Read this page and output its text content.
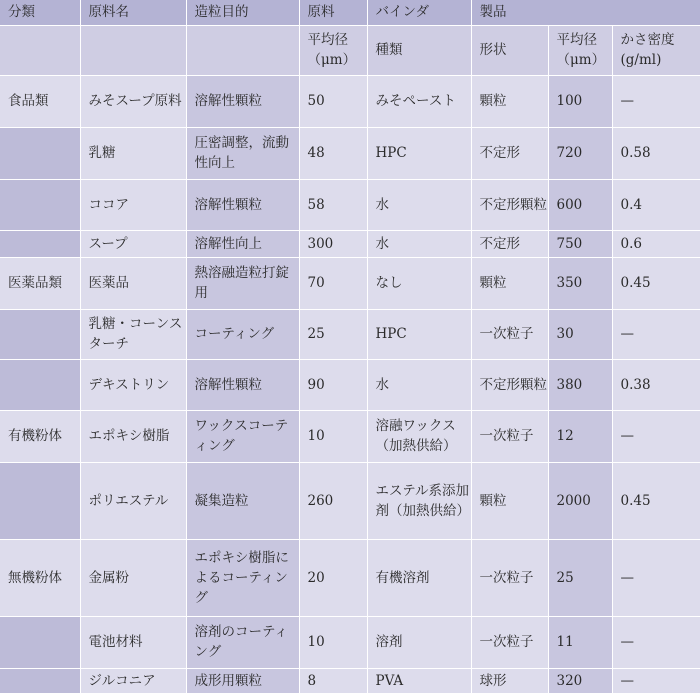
分類	原料名	造粒目的	原料	バインダ	製品		
			平均径（μm）	種類	形状	平均径（μm）	かさ密度(g/ml)
食品類	みそスープ原料	溶解性顆粒	50	みそペースト	顆粒	100	—
	乳糖	圧密調整，流動性向上	48	HPC	不定形	720	0.58
	ココア	溶解性顆粒	58	水	不定形顆粒	600	0.4
	スープ	溶解性向上	300	水	不定形	750	0.6
医薬品類	医薬品	熱溶融造粒打錠用	70	なし	顆粒	350	0.45
	乳糖・コーンスターチ	コーティング	25	HPC	一次粒子	30	—
	デキストリン	溶解性顆粒	90	水	不定形顆粒	380	0.38
有機粉体	エポキシ樹脂	ワックスコーティング	10	溶融ワックス（加熱供給）	一次粒子	12	—
	ポリエステル	凝集造粒	260	エステル系添加剤（加熱供給）	顆粒	2000	0.45
無機粉体	金属粉	エポキシ樹脂によるコーティング	20	有機溶剤	一次粒子	25	—
	電池材料	溶剤のコーティング	10	溶剤	一次粒子	11	—
	ジルコニア	成形用顆粒	8	PVA	球形	320	—
